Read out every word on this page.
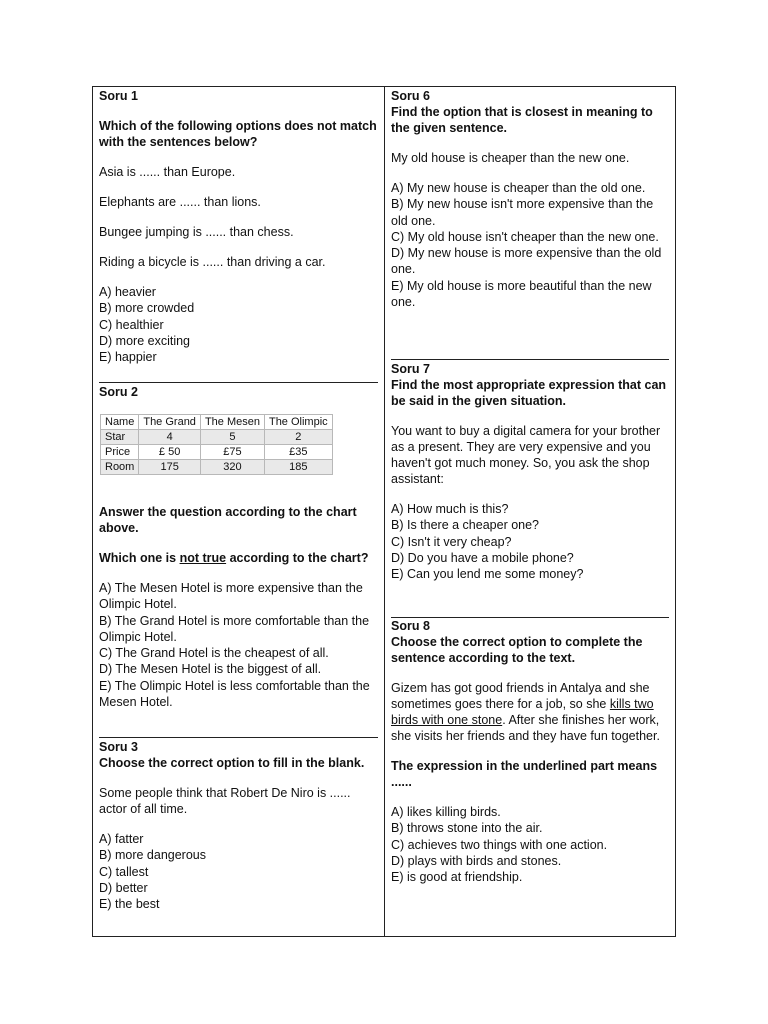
Soru 1
Which of the following options does not match with the sentences below?
Asia is ...... than Europe.
Elephants are ...... than lions.
Bungee jumping is ...... than chess.
Riding a bicycle is ...... than driving a car.
A) heavier
B) more crowded
C) healthier
D) more exciting
E) happier
Soru 2
Name	The Grand	The Mesen	The Olimpic
Star	4	5	2
Price	£ 50	£75	£35
Room	175	320	185
Answer the question according to the chart above.
Which one is not true according to the chart?
A) The Mesen Hotel is more expensive than the Olimpic Hotel.
B) The Grand Hotel is more comfortable than the Olimpic Hotel.
C) The Grand Hotel is the cheapest of all.
D) The Mesen Hotel is the biggest of all.
E) The Olimpic Hotel is less comfortable than the Mesen Hotel.
Soru 3
Choose the correct option to fill in the blank.
Some people think that Robert De Niro is ...... actor of all time.
A) fatter
B) more dangerous
C) tallest
D) better
E) the best
Soru 6
Find the option that is closest in meaning to the given sentence.
My old house is cheaper than the new one.
A) My new house is cheaper than the old one.
B) My new house isn't more expensive than the old one.
C) My old house isn't cheaper than the new one.
D) My new house is more expensive than the old one.
E) My old house is more beautiful than the new one.
Soru 7
Find the most appropriate expression that can be said in the given situation.
You want to buy a digital camera for your brother as a present. They are very expensive and you haven't got much money. So, you ask the shop assistant:
A) How much is this?
B) Is there a cheaper one?
C) Isn't it very cheap?
D) Do you have a mobile phone?
E) Can you lend me some money?
Soru 8
Choose the correct option to complete the sentence according to the text.
Gizem has got good friends in Antalya and she sometimes goes there for a job, so she kills two birds with one stone. After she finishes her work, she visits her friends and they have fun together.
The expression in the underlined part means ......
A) likes killing birds.
B) throws stone into the air.
C) achieves two things with one action.
D) plays with birds and stones.
E) is good at friendship.
